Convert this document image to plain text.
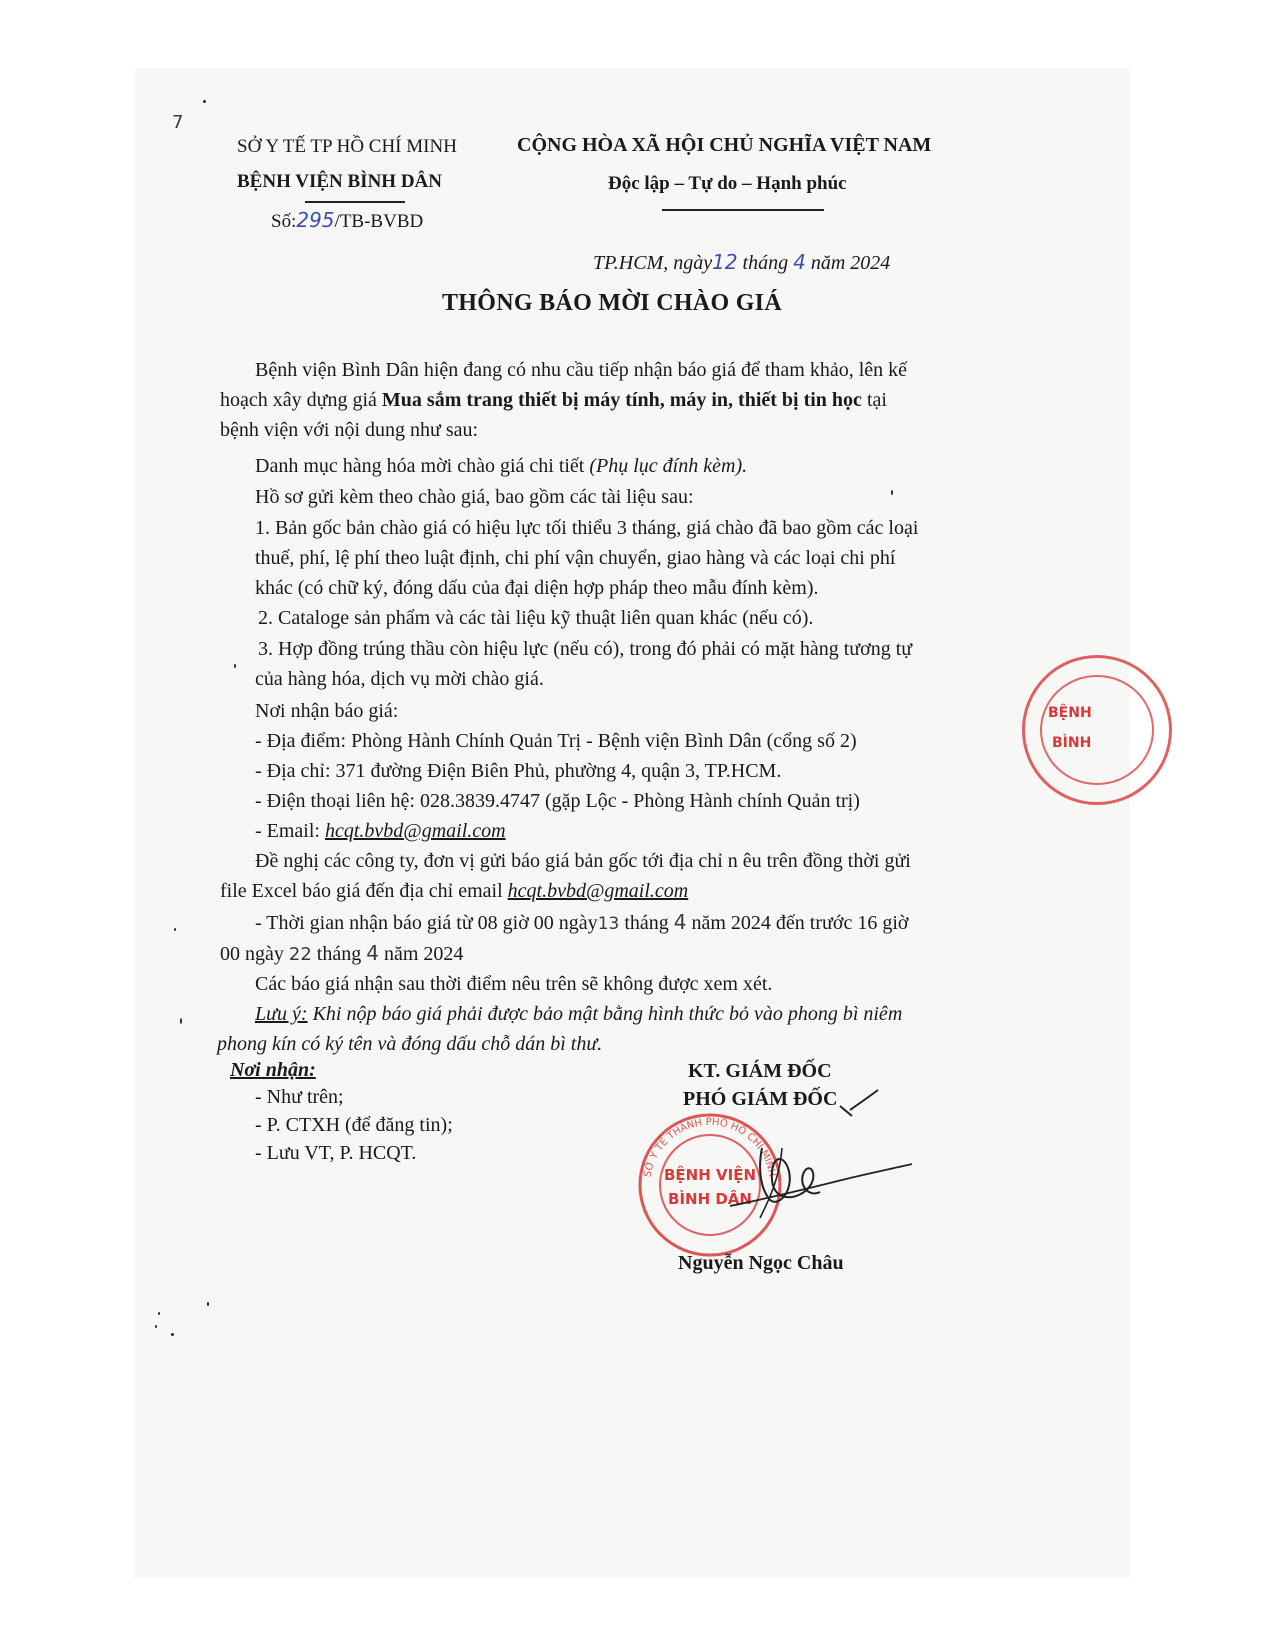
7
SỞ Y TẾ TP HỒ CHÍ MINH
BỆNH VIỆN BÌNH DÂN
Số:295/TB-BVBD
CỘNG HÒA XÃ HỘI CHỦ NGHĨA VIỆT NAM
Độc lập – Tự do – Hạnh phúc
TP.HCM, ngày12 tháng 4 năm 2024
THÔNG BÁO MỜI CHÀO GIÁ
Bệnh viện Bình Dân hiện đang có nhu cầu tiếp nhận báo giá để tham khảo, lên kế
hoạch xây dựng giá Mua sắm trang thiết bị máy tính, máy in, thiết bị tin học tại
bệnh viện với nội dung như sau:
Danh mục hàng hóa mời chào giá chi tiết (Phụ lục đính kèm).
Hồ sơ gửi kèm theo chào giá, bao gồm các tài liệu sau:
1. Bản gốc bản chào giá có hiệu lực tối thiểu 3 tháng, giá chào đã bao gồm các loại
thuế, phí, lệ phí theo luật định, chi phí vận chuyển, giao hàng và các loại chi phí
khác (có chữ ký, đóng dấu của đại diện hợp pháp theo mẫu đính kèm).
2. Cataloge sản phẩm và các tài liệu kỹ thuật liên quan khác (nếu có).
3. Hợp đồng trúng thầu còn hiệu lực (nếu có), trong đó phải có mặt hàng tương tự
của hàng hóa, dịch vụ mời chào giá.
Nơi nhận báo giá:
- Địa điểm: Phòng Hành Chính Quản Trị - Bệnh viện Bình Dân (cổng số 2)
- Địa chỉ: 371 đường Điện Biên Phủ, phường 4, quận 3, TP.HCM.
- Điện thoại liên hệ: 028.3839.4747 (gặp Lộc - Phòng Hành chính Quản trị)
- Email: hcqt.bvbd@gmail.com
Đề nghị các công ty, đơn vị gửi báo giá bản gốc tới địa chỉ n êu trên đồng thời gửi
file Excel báo giá đến địa chỉ email hcqt.bvbd@gmail.com
- Thời gian nhận báo giá từ 08 giờ 00 ngày13 tháng 4 năm 2024 đến trước 16 giờ
00 ngày 22 tháng 4 năm 2024
Các báo giá nhận sau thời điểm nêu trên sẽ không được xem xét.
Lưu ý: Khi nộp báo giá phải được bảo mật bằng hình thức bỏ vào phong bì niêm
phong kín có ký tên và đóng dấu chỗ dán bì thư.
Nơi nhận:
- Như trên;
- P. CTXH (để đăng tin);
- Lưu VT, P. HCQT.
KT. GIÁM ĐỐC
PHÓ GIÁM ĐỐC
SỞ Y TẾ THÀNH PHỐ HỒ CHÍ MINH
BỆNH VIỆN
BÌNH DÂN
Nguyễn Ngọc Châu
BỆNH
BÌNH
